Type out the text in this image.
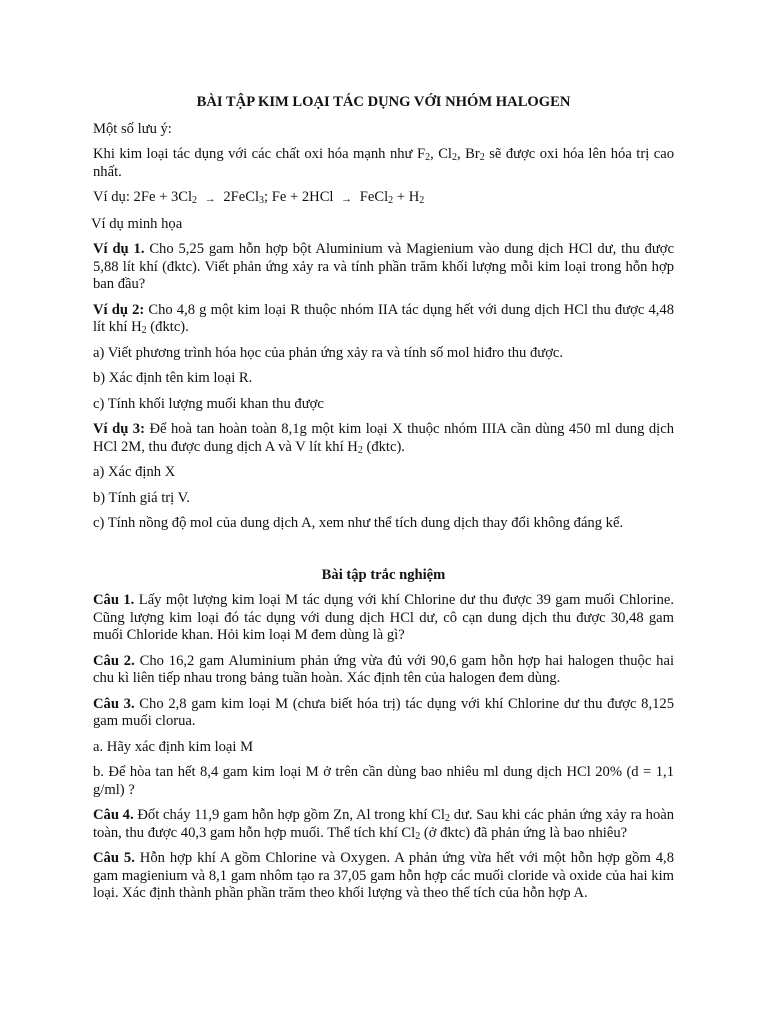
BÀI TẬP KIM LOẠI TÁC DỤNG VỚI NHÓM HALOGEN

Một số lưu ý:

Khi kim loại tác dụng với các chất oxi hóa mạnh như $F_2$, $Cl_2$, $Br_2$ sẽ được oxi hóa lên hóa trị cao nhất.

Ví dụ: $2Fe + 3Cl_2$ → 2FeCl$_3$; Fe + 2HCl → FeCl$_2$ + $H_2$

Ví dụ minh họa

Ví dụ 1. Cho 5,25 gam hỗn hợp bột Aluminium và Magienium vào dung dịch HCl dư, thu được 5,88 lít khí (đktc). Viết phản ứng xảy ra và tính phần trăm khối lượng mỗi kim loại trong hỗn hợp ban đầu?

Ví dụ 2: Cho 4,8 g một kim loại R thuộc nhóm IIA tác dụng hết với dung dịch HCl thu được 4,48 lít khí $H_2$ (đktc).

a) Viết phương trình hóa học của phản ứng xảy ra và tính số mol hiđro thu được.

b) Xác định tên kim loại R.

c) Tính khối lượng muối khan thu được

Ví dụ 3: Để hoà tan hoàn toàn 8,1g một kim loại X thuộc nhóm IIIA cần dùng 450 ml dung dịch HCl 2M, thu được dung dịch A và V lít khí $H_2$ (đktc).

a) Xác định X

b) Tính giá trị V.

c) Tính nồng độ mol của dung dịch A, xem như thể tích dung dịch thay đổi không đáng kể.

Bài tập trắc nghiệm

Câu 1. Lấy một lượng kim loại M tác dụng với khí Chlorine dư thu được 39 gam muối Chlorine. Cũng lượng kim loại đó tác dụng với dung dịch HCl dư, cô cạn dung dịch thu được 30,48 gam muối Chloride khan. Hỏi kim loại M đem dùng là gì?

Câu 2. Cho 16,2 gam Aluminium phản ứng vừa đủ với 90,6 gam hỗn hợp hai halogen thuộc hai chu kì liên tiếp nhau trong bảng tuần hoàn. Xác định tên của halogen đem dùng.

Câu 3. Cho 2,8 gam kim loại M (chưa biết hóa trị) tác dụng với khí Chlorine dư thu được 8,125 gam muối clorua.

a. Hãy xác định kim loại M

b. Để hòa tan hết 8,4 gam kim loại M ở trên cần dùng bao nhiêu ml dung dịch HCl 20% (d = 1,1 g/ml) ?

Câu 4. Đốt cháy 11,9 gam hỗn hợp gồm Zn, Al trong khí $Cl_2$ dư. Sau khi các phản ứng xảy ra hoàn toàn, thu được 40,3 gam hỗn hợp muối. Thể tích khí $Cl_2$ (ở đktc) đã phản ứng là bao nhiêu?

Câu 5. Hỗn hợp khí A gồm Chlorine và Oxygen. A phản ứng vừa hết với một hỗn hợp gồm 4,8 gam magienium và 8,1 gam nhôm tạo ra 37,05 gam hỗn hợp các muối cloride và oxide của hai kim loại. Xác định thành phần phần trăm theo khối lượng và theo thể tích của hỗn hợp A.
